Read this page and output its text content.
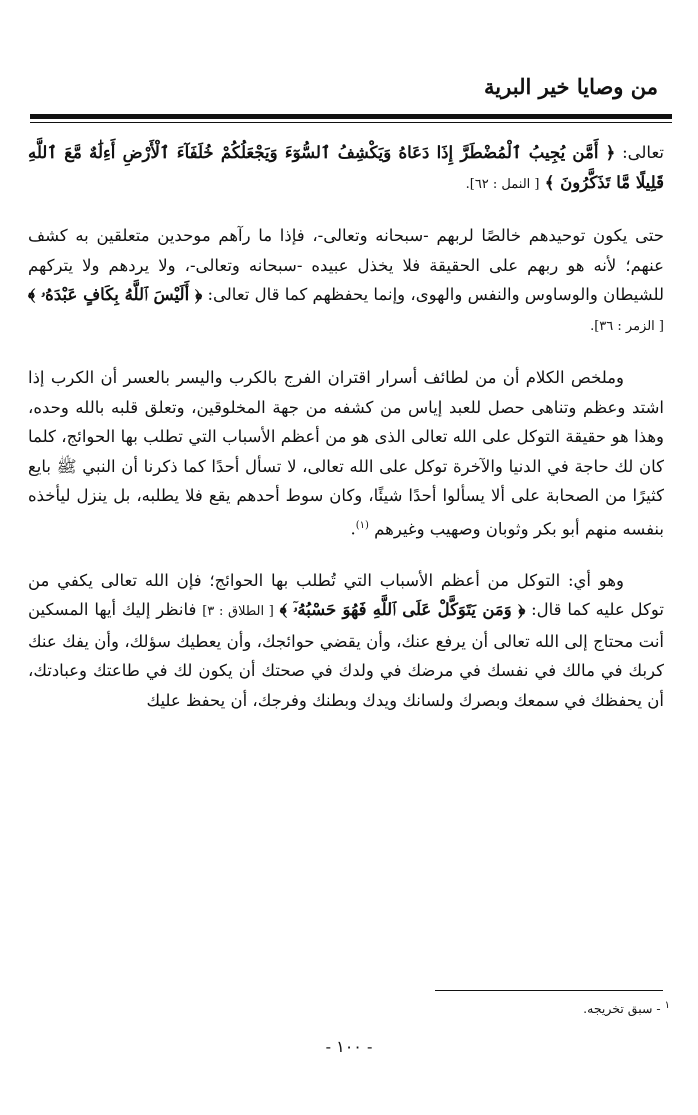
من وصايا خير البرية

تعالى: ﴿ أَمَّن يُجِيبُ ٱلْمُضْطَرَّ إِذَا دَعَاهُ وَيَكْشِفُ ٱلسُّوٓءَ وَيَجْعَلُكُمْ خُلَفَآءَ ٱلْأَرْضِ أَءِلَٰهٌ مَّعَ ٱللَّهِ قَلِيلًا مَّا تَذَكَّرُونَ ﴾ [ النمل : ٦٢].

حتى يكون توحيدهم خالصًا لربهم -سبحانه وتعالى-، فإذا ما رآهم موحدين متعلقين به كشف عنهم؛ لأنه هو ربهم على الحقيقة فلا يخذل عبيده -سبحانه وتعالى-، ولا يردهم ولا يتركهم للشيطان والوساوس والنفس والهوى، وإنما يحفظهم كما قال تعالى: ﴿ أَلَيْسَ ٱللَّهُ بِكَافٍ عَبْدَهُۥ ﴾ [ الزمر : ٣٦].

وملخص الكلام أن من لطائف أسرار اقتران الفرج بالكرب واليسر بالعسر أن الكرب إذا اشتد وعظم وتناهى حصل للعبد إياس من كشفه من جهة المخلوقين، وتعلق قلبه بالله وحده، وهذا هو حقيقة التوكل على الله تعالى الذى هو من أعظم الأسباب التي تطلب بها الحوائج، كلما كان لك حاجة في الدنيا والآخرة توكل على الله تعالى، لا تسأل أحدًا كما ذكرنا أن النبي ﷺ بايع كثيرًا من الصحابة على ألا يسألوا أحدًا شيئًا، وكان سوط أحدهم يقع فلا يطلبه، بل ينزل ليأخذه بنفسه منهم أبو بكر وثوبان وصهيب وغيرهم $^{(١)}$.

وهو أي: التوكل من أعظم الأسباب التي تُطلب بها الحوائج؛ فإن الله تعالى يكفي من توكل عليه كما قال: ﴿ وَمَن يَتَوَكَّلْ عَلَى ٱللَّهِ فَهُوَ حَسْبُهُۥٓ ﴾ [ الطلاق : ٣] فانظر إليك أيها المسكين أنت محتاج إلى الله تعالى أن يرفع عنك، وأن يقضي حوائجك، وأن يعطيك سؤلك، وأن يفك عنك كربك في مالك في نفسك في مرضك في ولدك في صحتك أن يكون لك في طاعتك وعبادتك، أن يحفظك في سمعك وبصرك ولسانك ويدك وبطنك وفرجك، أن يحفظ عليك

$^١$ - سبق تخريجه.
- ١٠٠ -
